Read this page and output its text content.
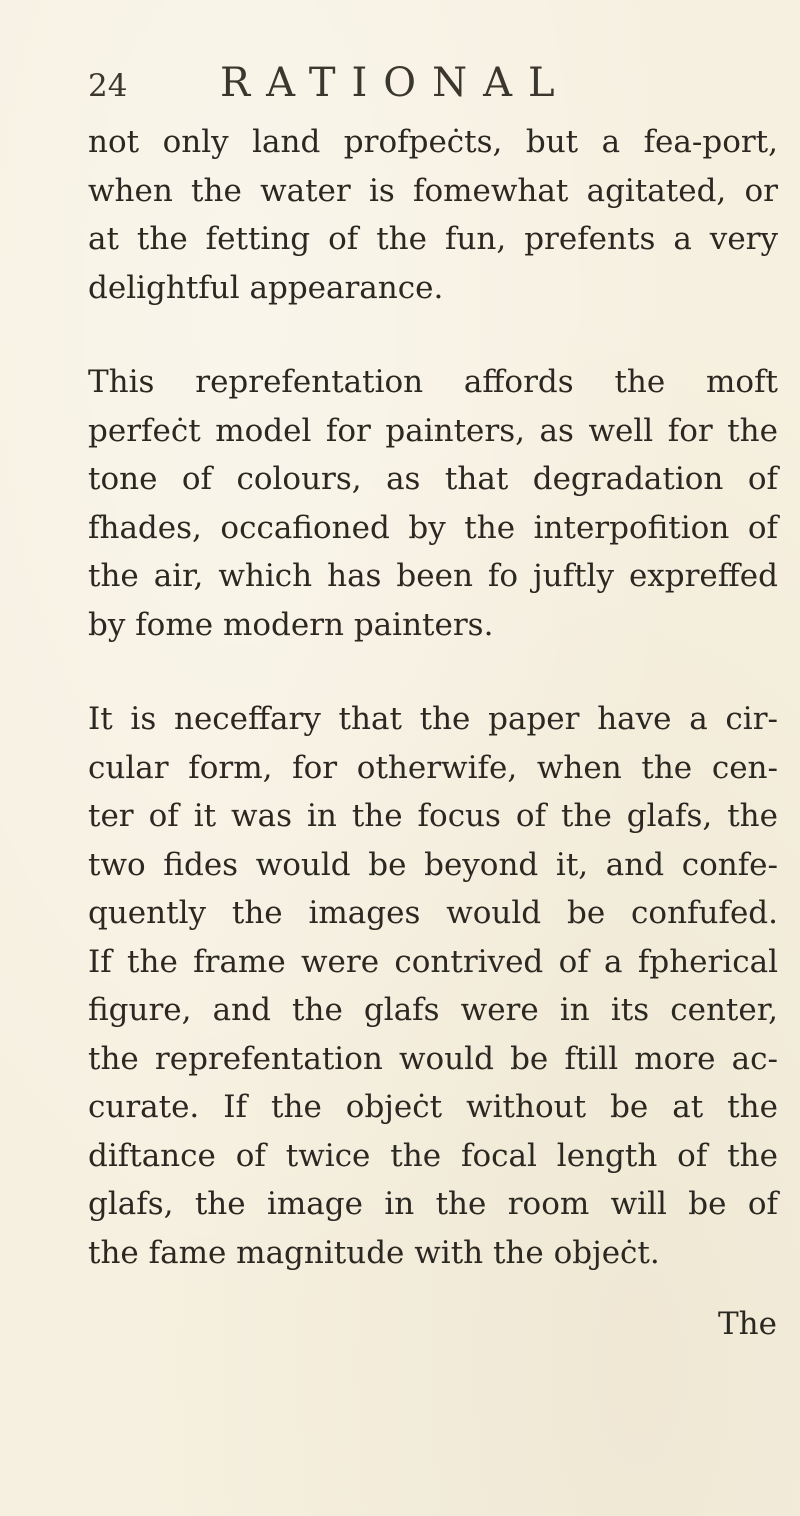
24 RATIONAL
not only land profpeċts, but a fea-port,
when the water is fomewhat agitated, or
at the fetting of the fun, prefents a very
delightful appearance.
This reprefentation affords the moft
perfeċt model for painters, as well for the
tone of colours, as that degradation of
fhades, occafioned by the interpofition of
the air, which has been fo juftly expreffed
by fome modern painters.
It is neceffary that the paper have a cir-
cular form, for otherwife, when the cen-
ter of it was in the focus of the glafs, the
two fides would be beyond it, and confe-
quently the images would be confufed.
If the frame were contrived of a fpherical
figure, and the glafs were in its center,
the reprefentation would be ftill more ac-
curate. If the objeċt without be at the
diftance of twice the focal length of the
glafs, the image in the room will be of
the fame magnitude with the objeċt.
The
